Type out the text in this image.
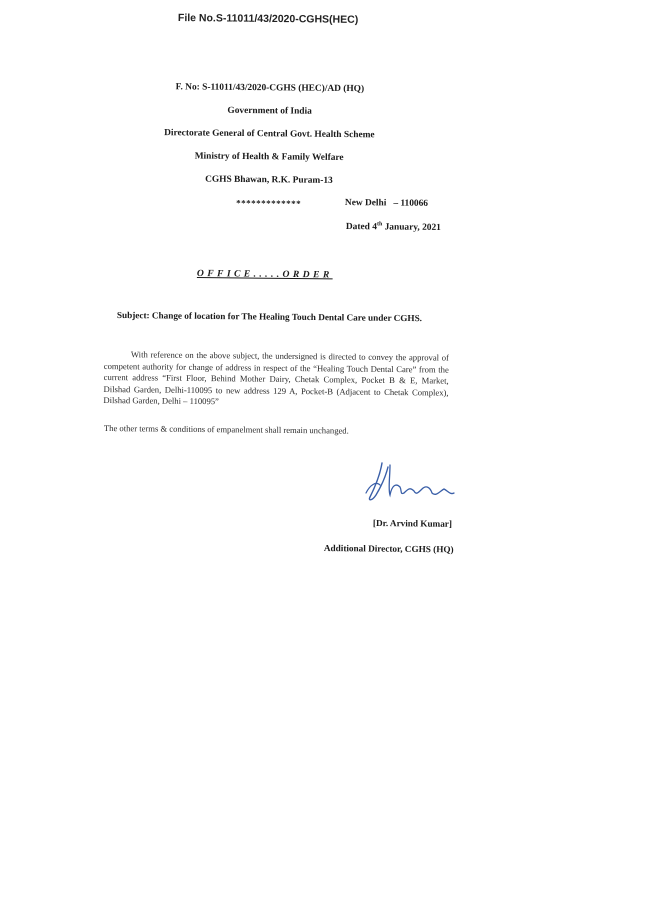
File No.S-11011/43/2020-CGHS(HEC)
F. No: S-11011/43/2020-CGHS (HEC)/AD (HQ)
Government of India
Directorate General of Central Govt. Health Scheme
Ministry of Health & Family Welfare
CGHS Bhawan, R.K. Puram-13
*************	New Delhi   – 110066
Dated 4th January, 2021
OFFICE.....ORDER
Subject: Change of location for The Healing Touch Dental Care under CGHS.
With reference on the above subject, the undersigned is directed to convey the approval of competent authority for change of address in respect of the “Healing Touch Dental Care” from the current address “First Floor, Behind Mother Dairy, Chetak Complex, Pocket B & E, Market, Dilshad Garden, Delhi-110095 to new address 129 A, Pocket-B (Adjacent to Chetak Complex), Dilshad Garden, Delhi – 110095”
The other terms & conditions of empanelment shall remain unchanged.
[Dr. Arvind Kumar]
Additional Director, CGHS (HQ)
